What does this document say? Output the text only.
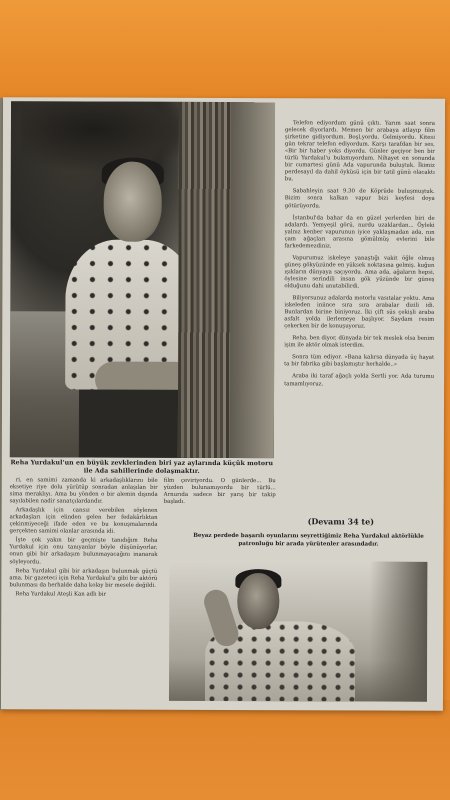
Reha Yurdakul'un en büyük zevklerinden biri yaz aylarında küçük motoru ile Ada sahillerinde dolaşmaktır.

Telefon ediyordum günü çıktı. Yarım saat sonra gelecek diyorlardı. Memen bir arabaya atlayıp film şirketine gidiyordum. Boşl,yordu. Gelmiyordu. Kitesi gün tekrar telefon ediyordum. Karşı tarafdan bir ses, «Bir bir haber yoks diyordu. Günler geçiyor ben bir türlü Yurdakul'u bulamıyordum. Nihayet en sonunda bir cumartesi günü Ada vapurunda buluştuk. İkimiz perdesayıl da dahil öyküsü için bir tatil günü olacaktı bu.

Sabahleyin saat 9.30 de Köprüde buluşmuştuk. Bizim sonra kalkan vapur bizi keyfesi doya götürüyordu.

İstanbul'da bahar da en güzel yerlerden biri de adalardı. Yemyeşil görü, nurdu uzaklardan... Öyleki yalnız kenber vapurunun iyice yaklaşmadan ada, nın çam ağaçları arasına gömülmüş evlerini bile farkedemezdiniz.

Vapurumuz iskeleye yanaştığı vakit öğle olmuş güneş gökyüzünde en yüksek noktasına gelmiş. kuğun ışıkların dünyaya saçıyordu. Ama ada, ağaların hepsi, öylesine serindili insan gök yüzünde bir güneş olduğunu dahi unutabilirdi.

Biliyorsunuz adalarda motorlu vasıtalar yoktu. Ama iskeleden iniince sıra sıra arabalar dizili idi. Bunlardan birine biniyoruz. İki çift süs çekişli araba asfalt yolda ilerlemeye başlıyor. Saydam resim çekerken bir de konuşuyoruz.

Reha, ben diyor, dünyada bir tek meslek olsa benim işim ile aktör olmak isterdim.

Sonra tüm ediyor. «Bana kalırsa dünyada üç hayat ta bir fabrika gibi başlamıştır herhalde..»

Araba iki taraf ağaçlı yolda Sertli yor. Ada turumu tamamlıyoruz.

ri, en samimi zamanda ki arkadaşlıklarını bile eksetiye riye dolu yürütüp sonradan anlaşılan bir sima meraklıyı. Ama bu yönden o bir alemin dışında sayılabilen nadir sanatçılardandır.

Arkadaşlık için cansız verebilen söylenen arkadaşları için elinden gelen her fedakârlıktan çekinmiyeceği ifade eden ve bu konuşmalarında gerçekten samimi olanlar arasında idi.

İşte çok yakın bir geçmişte tanıdığım Reha Yurdakul için onu tanıyanlar böyle düşünüyorlar, onun gibi bir arkadaşım bulunmayacağını inanarak söyleyordu.

Reha Yurdakul gibi bir arkadaşın bulunmak güçtü ama, bir gazeteci için Reha Yurdakul'u gibi bir aktörü bulunması da herhalde daha kolay bir mesele değildi.

Reha Yurdakul Ateşli Kan adlı bir

film çeviriyordu. O günlerde... Bu yüzden bulunamıyordu bir türlü... Arnurıda sadece bir yarış bir takip başladı.

(Devamı 34 te)
Beyaz perdede başarılı oyunlarını seyrettiğimiz Reha Yurdakul aktörlükle patronluğu bir arada yürütenler arasındadır.
